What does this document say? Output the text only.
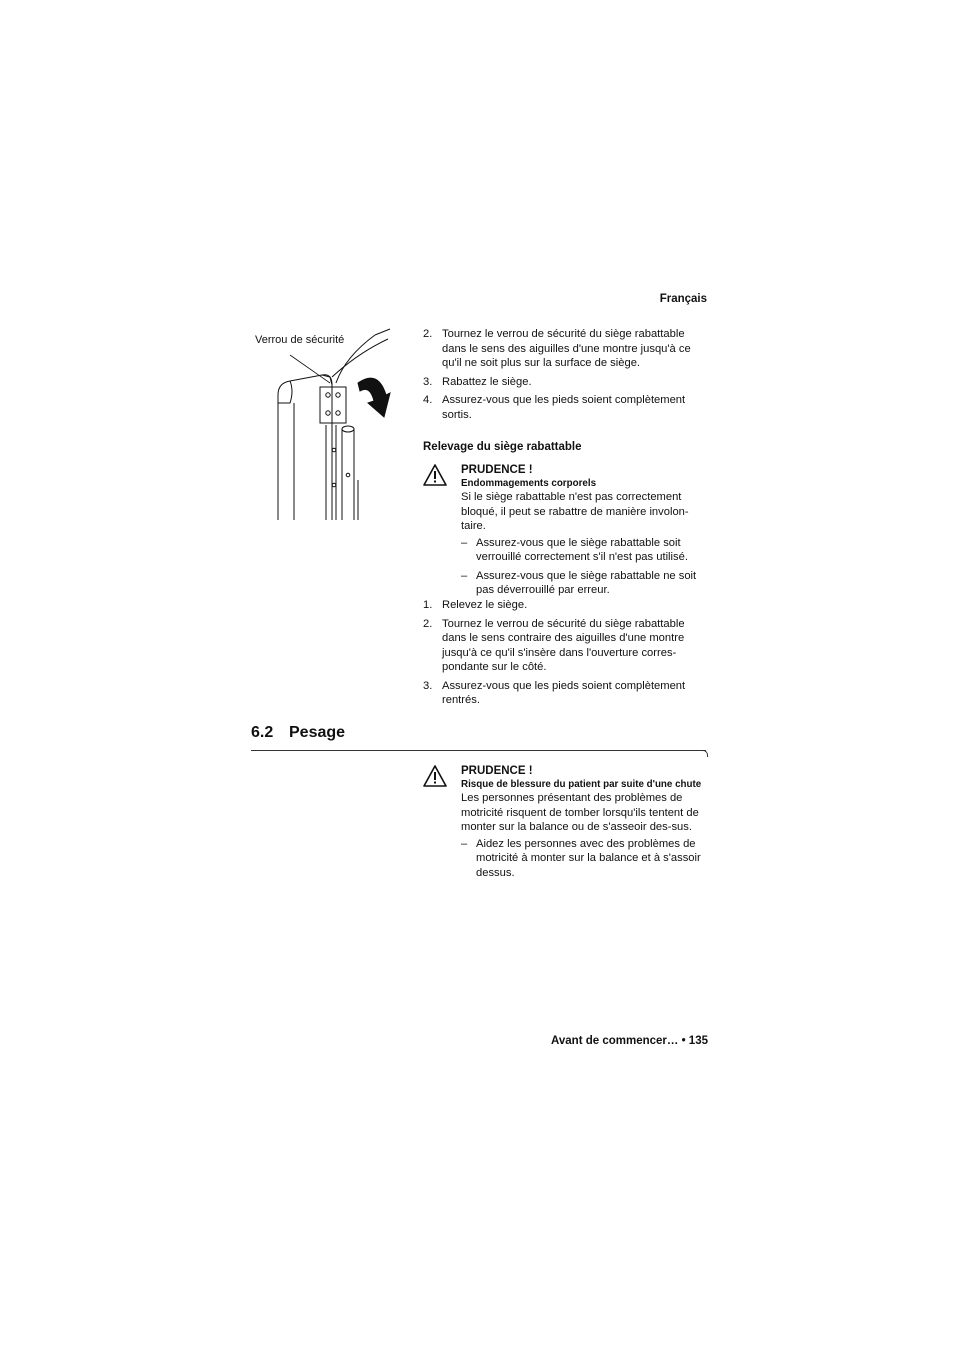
Français
Verrou de sécurité	2. Tournez le verrou de sécurité du siège rabattable dans le sens des aiguilles d'une montre jusqu'à ce qu'il ne soit plus sur la surface de siège.
3. Rabattez le siège.
4. Assurez-vous que les pieds soient complètement sortis.
Relevage du siège rabattable
PRUDENCE !
Endommagements corporels
Si le siège rabattable n'est pas correctement bloqué, il peut se rabattre de manière involon-taire.
– Assurez-vous que le siège rabattable soit verrouillé correctement s'il n'est pas utilisé.
– Assurez-vous que le siège rabattable ne soit pas déverrouillé par erreur.
1. Relevez le siège.
2. Tournez le verrou de sécurité du siège rabattable dans le sens contraire des aiguilles d'une montre jusqu'à ce qu'il s'insère dans l'ouverture corres-pondante sur le côté.
3. Assurez-vous que les pieds soient complètement rentrés.
6.2 Pesage
PRUDENCE !
Risque de blessure du patient par suite d'une chute
Les personnes présentant des problèmes de motricité risquent de tomber lorsqu'ils tentent de monter sur la balance ou de s'asseoir des-sus.
– Aidez les personnes avec des problèmes de motricité à monter sur la balance et à s'assoir dessus.
Avant de commencer… • 135
